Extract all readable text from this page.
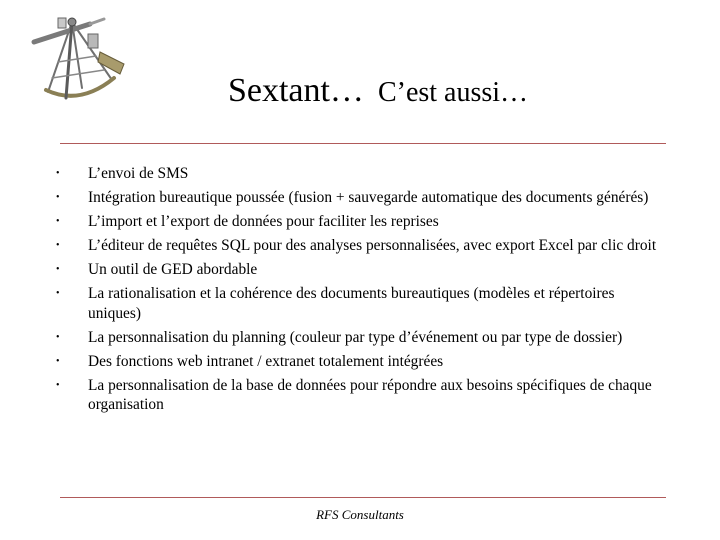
Sextant… C’est aussi…
• L’envoi de SMS
• Intégration bureautique poussée (fusion + sauvegarde automatique des documents générés)
• L’import et l’export de données pour faciliter les reprises
• L’éditeur de requêtes SQL pour des analyses personnalisées, avec export Excel par clic droit
• Un outil de GED abordable
• La rationalisation et la cohérence des documents bureautiques (modèles et répertoires uniques)
• La personnalisation du planning (couleur par type d’événement ou par type de dossier)
• Des fonctions web intranet / extranet totalement intégrées
• La personnalisation de la base de données pour répondre aux besoins spécifiques de chaque organisation
RFS Consultants
